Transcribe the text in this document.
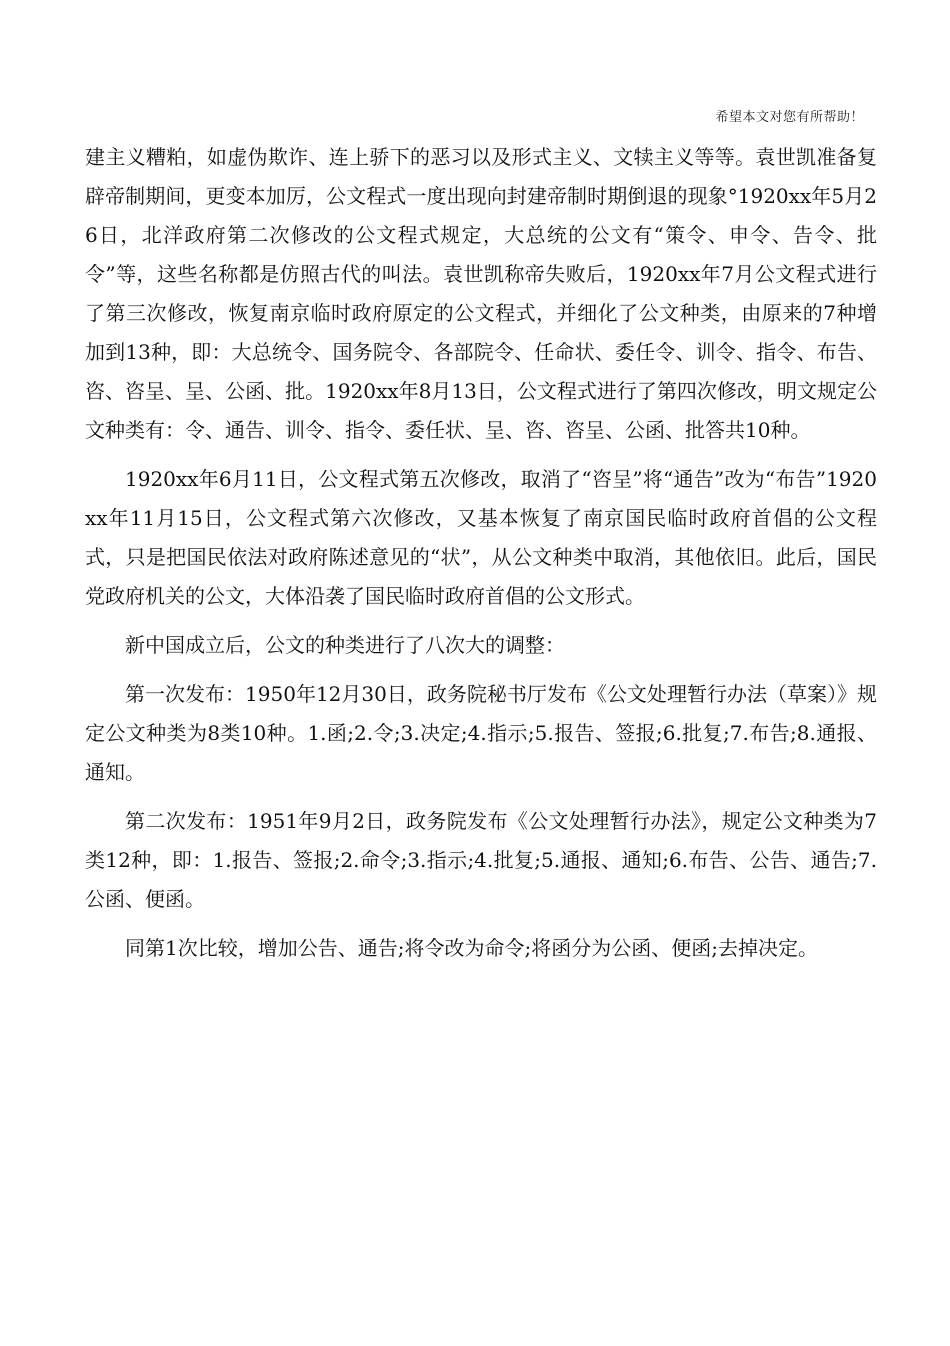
希望本文对您有所帮助！

建主义糟粕，如虚伪欺诈、连上骄下的恶习以及形式主义、文犊主义等等。袁世凯准备复辟帝制期间，更变本加厉，公文程式一度出现向封建帝制时期倒退的现象°1920xx年5月26日，北洋政府第二次修改的公文程式规定，大总统的公文有“策令、申令、告令、批令”等，这些名称都是仿照古代的叫法。袁世凯称帝失败后，1920xx年7月公文程式进行了第三次修改，恢复南京临时政府原定的公文程式，并细化了公文种类，由原来的7种增加到13种，即：大总统令、国务院令、各部院令、任命状、委任令、训令、指令、布告、咨、咨呈、呈、公函、批。1920xx年8月13日，公文程式进行了第四次修改，明文规定公文种类有：令、通告、训令、指令、委任状、呈、咨、咨呈、公函、批答共10种。

1920xx年6月11日，公文程式第五次修改，取消了“咨呈”将“通告”改为“布告”1920xx年11月15日，公文程式第六次修改，又基本恢复了南京国民临时政府首倡的公文程式，只是把国民依法对政府陈述意见的“状”，从公文种类中取消，其他依旧。此后，国民党政府机关的公文，大体沿袭了国民临时政府首倡的公文形式。

新中国成立后，公文的种类进行了八次大的调整：

第一次发布：1950年12月30日，政务院秘书厅发布《公文处理暂行办法（草案）》规定公文种类为8类10种。1.函;2.令;3.决定;4.指示;5.报告、签报;6.批复;7.布告;8.通报、通知。

第二次发布：1951年9月2日，政务院发布《公文处理暂行办法》，规定公文种类为7类12种，即：1.报告、签报;2.命令;3.指示;4.批复;5.通报、通知;6.布告、公告、通告;7.公函、便函。

同第1次比较，增加公告、通告;将令改为命令;将函分为公函、便函;去掉决定。
